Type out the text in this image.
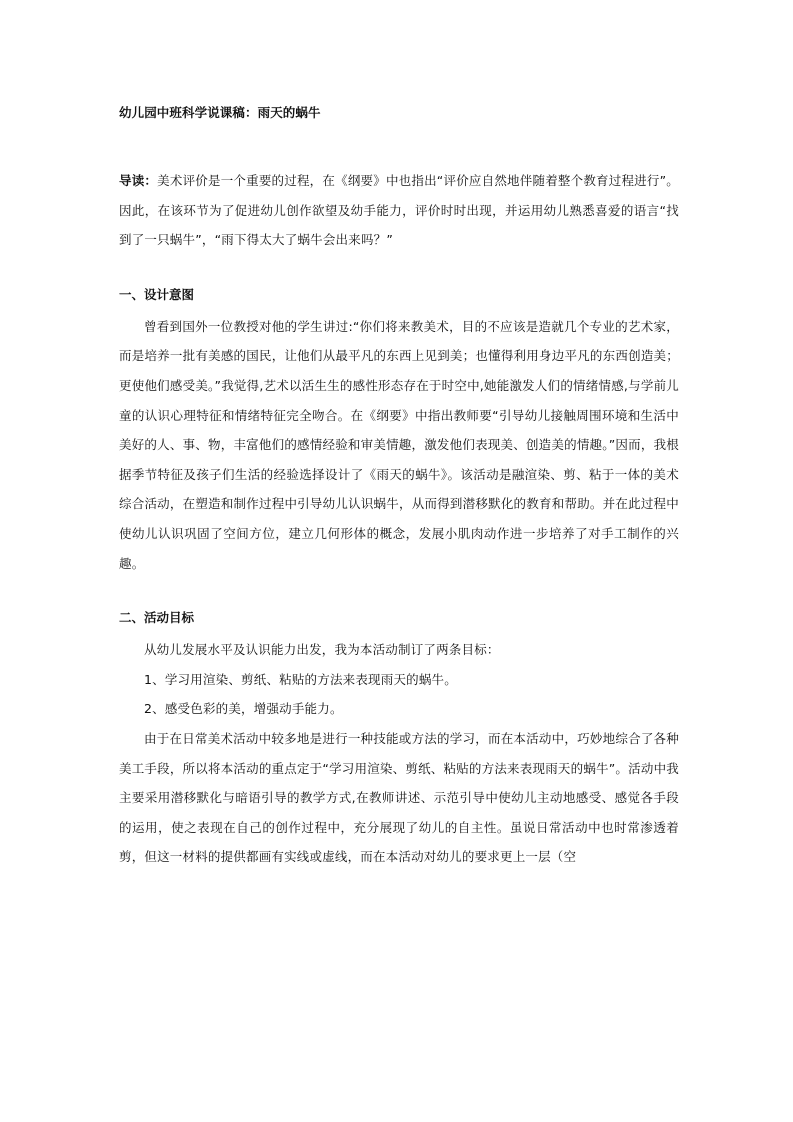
幼儿园中班科学说课稿：雨天的蜗牛

导读：美术评价是一个重要的过程，在《纲要》中也指出“评价应自然地伴随着整个教育过程进行”。因此，在该环节为了促进幼儿创作欲望及幼手能力，评价时时出现，并运用幼儿熟悉喜爱的语言“找到了一只蜗牛”，“雨下得太大了蜗牛会出来吗？”

一、设计意图

曾看到国外一位教授对他的学生讲过:“你们将来教美术，目的不应该是造就几个专业的艺术家，而是培养一批有美感的国民，让他们从最平凡的东西上见到美；也懂得利用身边平凡的东西创造美；更使他们感受美。”我觉得,艺术以活生生的感性形态存在于时空中,她能激发人们的情绪情感,与学前儿童的认识心理特征和情绪特征完全吻合。在《纲要》中指出教师要“引导幼儿接触周围环境和生活中美好的人、事、物，丰富他们的感情经验和审美情趣，激发他们表现美、创造美的情趣。”因而，我根据季节特征及孩子们生活的经验选择设计了《雨天的蜗牛》。该活动是融渲染、剪、粘于一体的美术综合活动，在塑造和制作过程中引导幼儿认识蜗牛，从而得到潜移默化的教育和帮助。并在此过程中使幼儿认识巩固了空间方位，建立几何形体的概念，发展小肌肉动作进一步培养了对手工制作的兴趣。

二、活动目标

从幼儿发展水平及认识能力出发，我为本活动制订了两条目标：

1、学习用渲染、剪纸、粘贴的方法来表现雨天的蜗牛。

2、感受色彩的美，增强动手能力。

由于在日常美术活动中较多地是进行一种技能或方法的学习，而在本活动中，巧妙地综合了各种美工手段，所以将本活动的重点定于“学习用渲染、剪纸、粘贴的方法来表现雨天的蜗牛”。活动中我主要采用潜移默化与暗语引导的教学方式,在教师讲述、示范引导中使幼儿主动地感受、感觉各手段的运用，使之表现在自己的创作过程中，充分展现了幼儿的自主性。虽说日常活动中也时常渗透着剪，但这一材料的提供都画有实线或虚线，而在本活动对幼儿的要求更上一层（空
